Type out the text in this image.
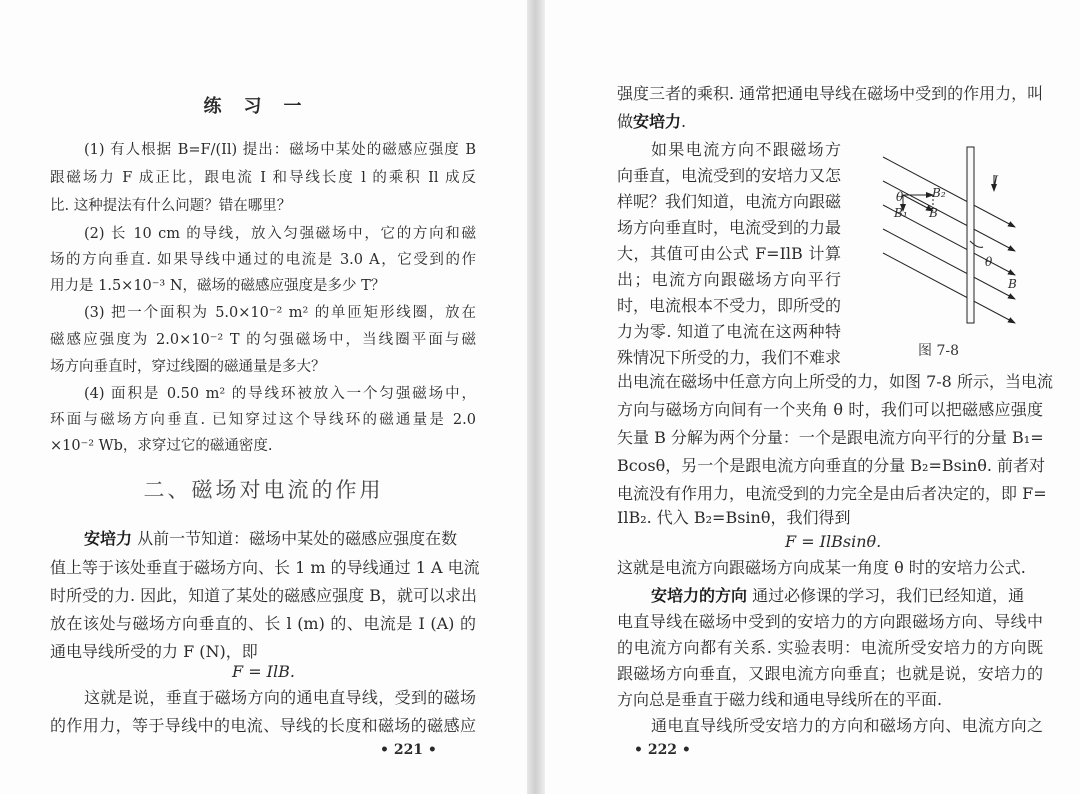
练习一
(1) 有人根据 B=F/(Il) 提出：磁场中某处的磁感应强度 B
跟磁场力 F 成正比，跟电流 I 和导线长度 l 的乘积 Il 成反
比. 这种提法有什么问题？错在哪里？
(2) 长 10 cm 的导线，放入匀强磁场中，它的方向和磁
场的方向垂直. 如果导线中通过的电流是 3.0 A，它受到的作
用力是 1.5×10⁻³ N，磁场的磁感应强度是多少 T？
(3) 把一个面积为 5.0×10⁻² m² 的单匝矩形线圈，放在
磁感应强度为 2.0×10⁻² T 的匀强磁场中，当线圈平面与磁
场方向垂直时，穿过线圈的磁通量是多大？
(4) 面积是 0.50 m² 的导线环被放入一个匀强磁场中，
环面与磁场方向垂直. 已知穿过这个导线环的磁通量是 2.0
×10⁻² Wb，求穿过它的磁通密度.
二、磁场对电流的作用
安培力 从前一节知道：磁场中某处的磁感应强度在数
值上等于该处垂直于磁场方向、长 1 m 的导线通过 1 A 电流
时所受的力. 因此，知道了某处的磁感应强度 B，就可以求出
放在该处与磁场方向垂直的、长 l (m) 的、电流是 I (A) 的
通电导线所受的力 F (N)，即
F = IlB.
这就是说，垂直于磁场方向的通电直导线，受到的磁场
的作用力，等于导线中的电流、导线的长度和磁场的磁感应
• 221 •
强度三者的乘积. 通常把通电导线在磁场中受到的作用力，叫
做安培力.
如果电流方向不跟磁场方
向垂直，电流受到的安培力又怎
样呢？我们知道，电流方向跟磁
场方向垂直时，电流受到的力最
大，其值可由公式 F=IlB 计算
出；电流方向跟磁场方向平行
时，电流根本不受力，即所受的
力为零. 知道了电流在这两种特
殊情况下所受的力，我们不难求
B₂
θ
B₁ B
I
θ
B
图 7-8
出电流在磁场中任意方向上所受的力，如图 7-8 所示，当电流
方向与磁场方向间有一个夹角 θ 时，我们可以把磁感应强度
矢量 B 分解为两个分量：一个是跟电流方向平行的分量 B₁=
Bcosθ，另一个是跟电流方向垂直的分量 B₂=Bsinθ. 前者对
电流没有作用力，电流受到的力完全是由后者决定的，即 F=
IlB₂. 代入 B₂=Bsinθ，我们得到
F = IlBsinθ.
这就是电流方向跟磁场方向成某一角度 θ 时的安培力公式.
安培力的方向 通过必修课的学习，我们已经知道，通
电直导线在磁场中受到的安培力的方向跟磁场方向、导线中
的电流方向都有关系. 实验表明：电流所受安培力的方向既
跟磁场方向垂直，又跟电流方向垂直；也就是说，安培力的
方向总是垂直于磁力线和通电导线所在的平面.
通电直导线所受安培力的方向和磁场方向、电流方向之
• 222 •
